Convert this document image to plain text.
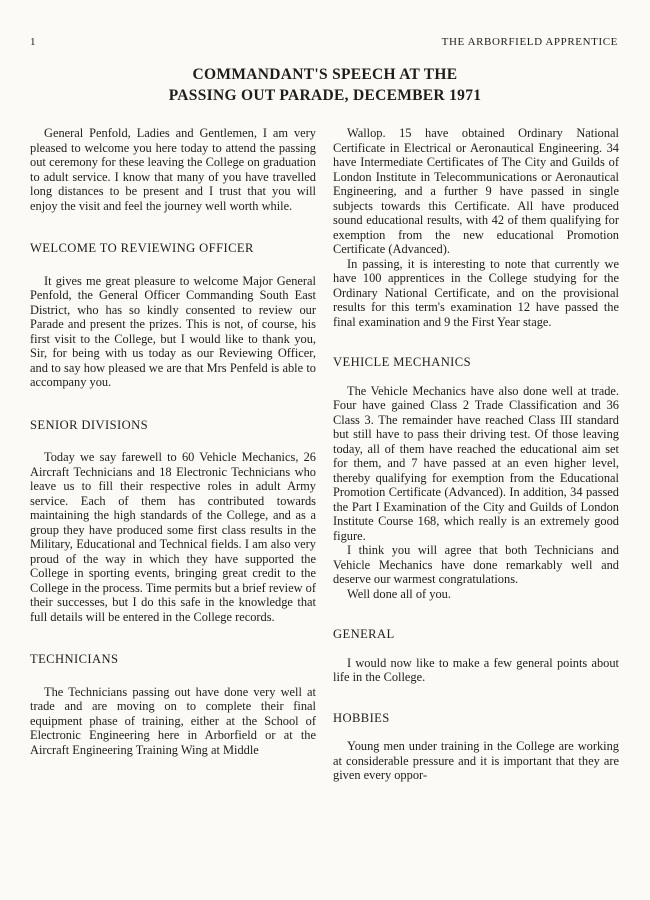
1	THE ARBORFIELD APPRENTICE
COMMANDANT'S SPEECH AT THE
PASSING OUT PARADE, DECEMBER 1971

General Penfold, Ladies and Gentlemen, I am very pleased to welcome you here today to attend the passing out ceremony for these leaving the College on graduation to adult service. I know that many of you have travelled long distances to be present and I trust that you will enjoy the visit and feel the journey well worth while.

WELCOME TO REVIEWING OFFICER

It gives me great pleasure to welcome Major General Penfold, the General Officer Commanding South East District, who has so kindly consented to review our Parade and present the prizes. This is not, of course, his first visit to the College, but I would like to thank you, Sir, for being with us today as our Reviewing Officer, and to say how pleased we are that Mrs Penfeld is able to accompany you.

SENIOR DIVISIONS

Today we say farewell to 60 Vehicle Mechanics, 26 Aircraft Technicians and 18 Electronic Technicians who leave us to fill their respective roles in adult Army service. Each of them has contributed towards maintaining the high standards of the College, and as a group they have produced some first class results in the Military, Educational and Technical fields. I am also very proud of the way in which they have supported the College in sporting events, bringing great credit to the College in the process. Time permits but a brief review of their successes, but I do this safe in the knowledge that full details will be entered in the College records.

TECHNICIANS

The Technicians passing out have done very well at trade and are moving on to complete their final equipment phase of training, either at the School of Electronic Engineering here in Arborfield or at the Aircraft Engineering Training Wing at Middle

Wallop. 15 have obtained Ordinary National Certificate in Electrical or Aeronautical Engineering. 34 have Intermediate Certificates of The City and Guilds of London Institute in Telecommunications or Aeronautical Engineering, and a further 9 have passed in single subjects towards this Certificate. All have produced sound educational results, with 42 of them qualifying for exemption from the new educational Promotion Certificate (Advanced).

In passing, it is interesting to note that currently we have 100 apprentices in the College studying for the Ordinary National Certificate, and on the provisional results for this term's examination 12 have passed the final examination and 9 the First Year stage.

VEHICLE MECHANICS

The Vehicle Mechanics have also done well at trade. Four have gained Class 2 Trade Classification and 36 Class 3. The remainder have reached Class III standard but still have to pass their driving test. Of those leaving today, all of them have reached the educational aim set for them, and 7 have passed at an even higher level, thereby qualifying for exemption from the Educational Promotion Certificate (Advanced). In addition, 34 passed the Part I Examination of the City and Guilds of London Institute Course 168, which really is an extremely good figure.

I think you will agree that both Technicians and Vehicle Mechanics have done remarkably well and deserve our warmest congratulations.

Well done all of you.

GENERAL

I would now like to make a few general points about life in the College.

HOBBIES

Young men under training in the College are working at considerable pressure and it is important that they are given every oppor-
